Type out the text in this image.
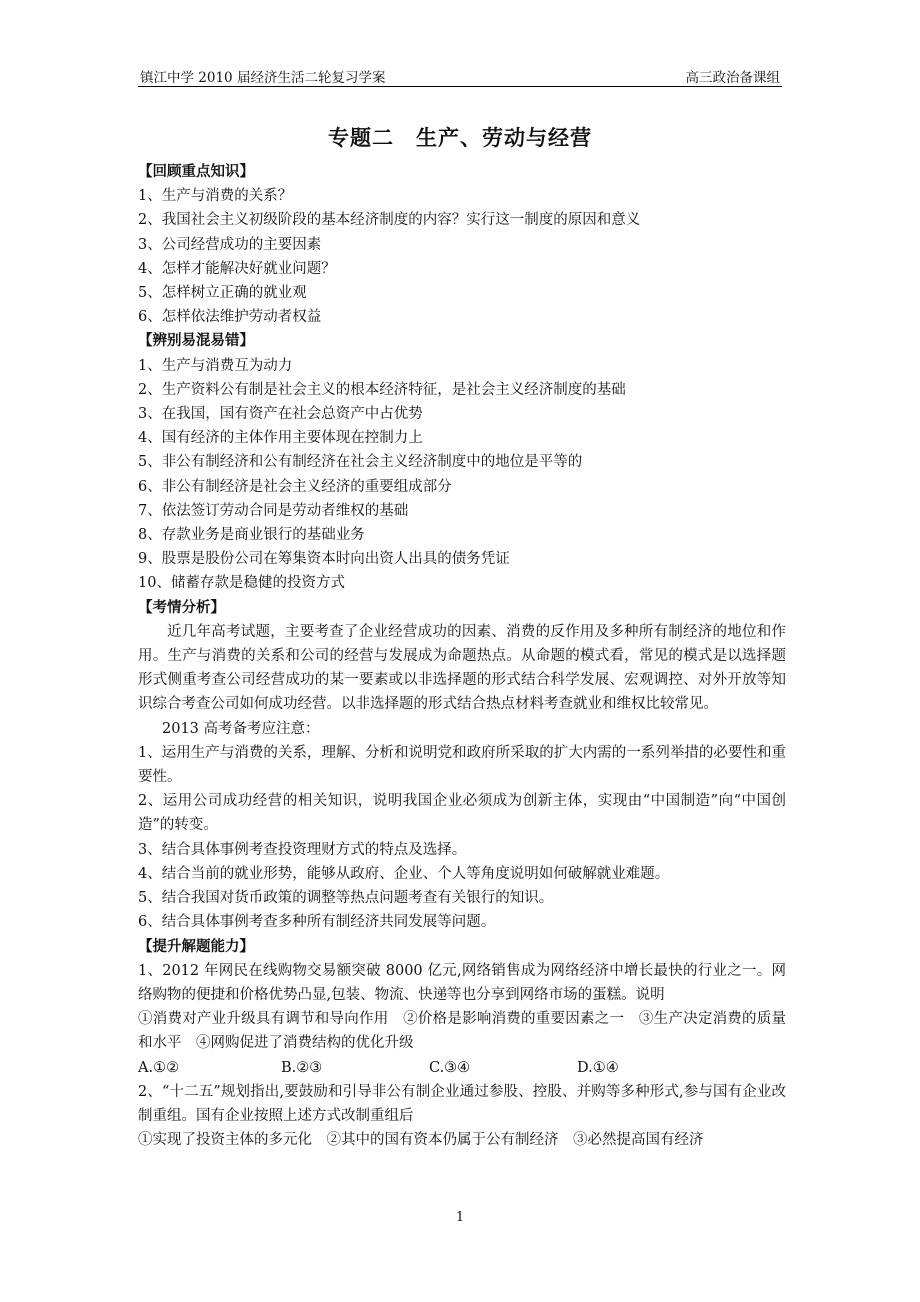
镇江中学 2010 届经济生活二轮复习学案	高三政治备课组
专题二　生产、劳动与经营
【回顾重点知识】
1、生产与消费的关系？
2、我国社会主义初级阶段的基本经济制度的内容？实行这一制度的原因和意义
3、公司经营成功的主要因素
4、怎样才能解决好就业问题？
5、怎样树立正确的就业观
6、怎样依法维护劳动者权益
【辨别易混易错】
1、生产与消费互为动力
2、生产资料公有制是社会主义的根本经济特征，是社会主义经济制度的基础
3、在我国，国有资产在社会总资产中占优势
4、国有经济的主体作用主要体现在控制力上
5、非公有制经济和公有制经济在社会主义经济制度中的地位是平等的
6、非公有制经济是社会主义经济的重要组成部分
7、依法签订劳动合同是劳动者维权的基础
8、存款业务是商业银行的基础业务
9、股票是股份公司在筹集资本时向出资人出具的债务凭证
10、储蓄存款是稳健的投资方式
【考情分析】
近几年高考试题，主要考查了企业经营成功的因素、消费的反作用及多种所有制经济的地位和作用。生产与消费的关系和公司的经营与发展成为命题热点。从命题的模式看，常见的模式是以选择题形式侧重考查公司经营成功的某一要素或以非选择题的形式结合科学发展、宏观调控、对外开放等知识综合考查公司如何成功经营。以非选择题的形式结合热点材料考查就业和维权比较常见。
2013 高考备考应注意：
1、运用生产与消费的关系，理解、分析和说明党和政府所采取的扩大内需的一系列举措的必要性和重要性。
2、运用公司成功经营的相关知识，说明我国企业必须成为创新主体，实现由“中国制造”向“中国创造”的转变。
3、结合具体事例考查投资理财方式的特点及选择。
4、结合当前的就业形势，能够从政府、企业、个人等角度说明如何破解就业难题。
5、结合我国对货币政策的调整等热点问题考查有关银行的知识。
6、结合具体事例考查多种所有制经济共同发展等问题。
【提升解题能力】
1、2012 年网民在线购物交易额突破 8000 亿元,网络销售成为网络经济中增长最快的行业之一。网络购物的便捷和价格优势凸显,包装、物流、快递等也分享到网络市场的蛋糕。说明
①消费对产业升级具有调节和导向作用　②价格是影响消费的重要因素之一　③生产决定消费的质量和水平　④网购促进了消费结构的优化升级
A.①②	B.②③	C.③④	D.①④
2、“十二五”规划指出,要鼓励和引导非公有制企业通过参股、控股、并购等多种形式,参与国有企业改制重组。国有企业按照上述方式改制重组后
①实现了投资主体的多元化　②其中的国有资本仍属于公有制经济　③必然提高国有经济
1
